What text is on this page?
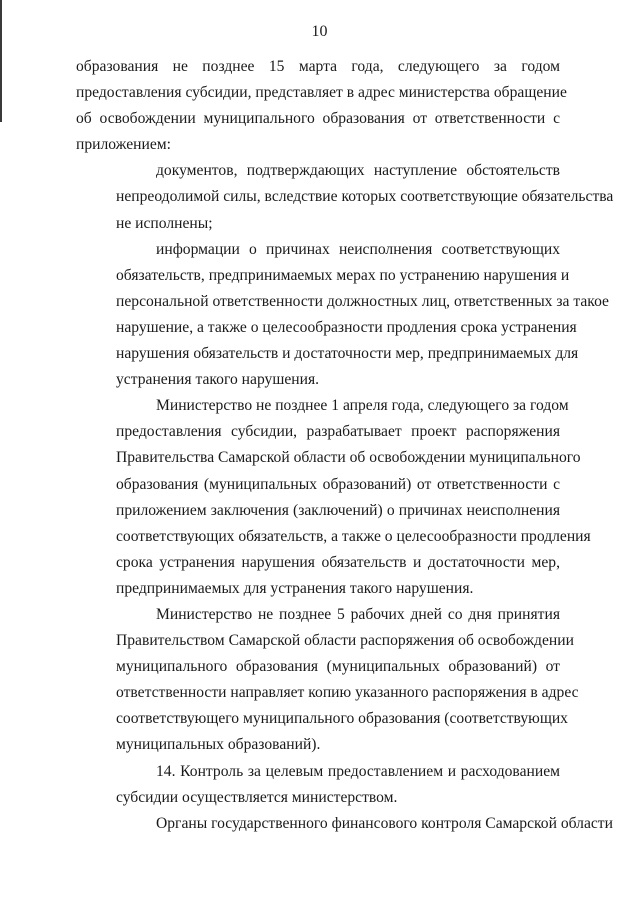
10
образования не позднее 15 марта года, следующего за годом
предоставления субсидии, представляет в адрес министерства обращение
об освобождении муниципального образования от ответственности с
приложением:
документов, подтверждающих наступление обстоятельств
непреодолимой силы, вследствие которых соответствующие обязательства
не исполнены;
информации о причинах неисполнения соответствующих
обязательств, предпринимаемых мерах по устранению нарушения и
персональной ответственности должностных лиц, ответственных за такое
нарушение, а также о целесообразности продления срока устранения
нарушения обязательств и достаточности мер, предпринимаемых для
устранения такого нарушения.
Министерство не позднее 1 апреля года, следующего за годом
предоставления субсидии, разрабатывает проект распоряжения
Правительства Самарской области об освобождении муниципального
образования (муниципальных образований) от ответственности с
приложением заключения (заключений) о причинах неисполнения
соответствующих обязательств, а также о целесообразности продления
срока устранения нарушения обязательств и достаточности мер,
предпринимаемых для устранения такого нарушения.
Министерство не позднее 5 рабочих дней со дня принятия
Правительством Самарской области распоряжения об освобождении
муниципального образования (муниципальных образований) от
ответственности направляет копию указанного распоряжения в адрес
соответствующего муниципального образования (соответствующих
муниципальных образований).
14. Контроль за целевым предоставлением и расходованием
субсидии осуществляется министерством.
Органы государственного финансового контроля Самарской области
